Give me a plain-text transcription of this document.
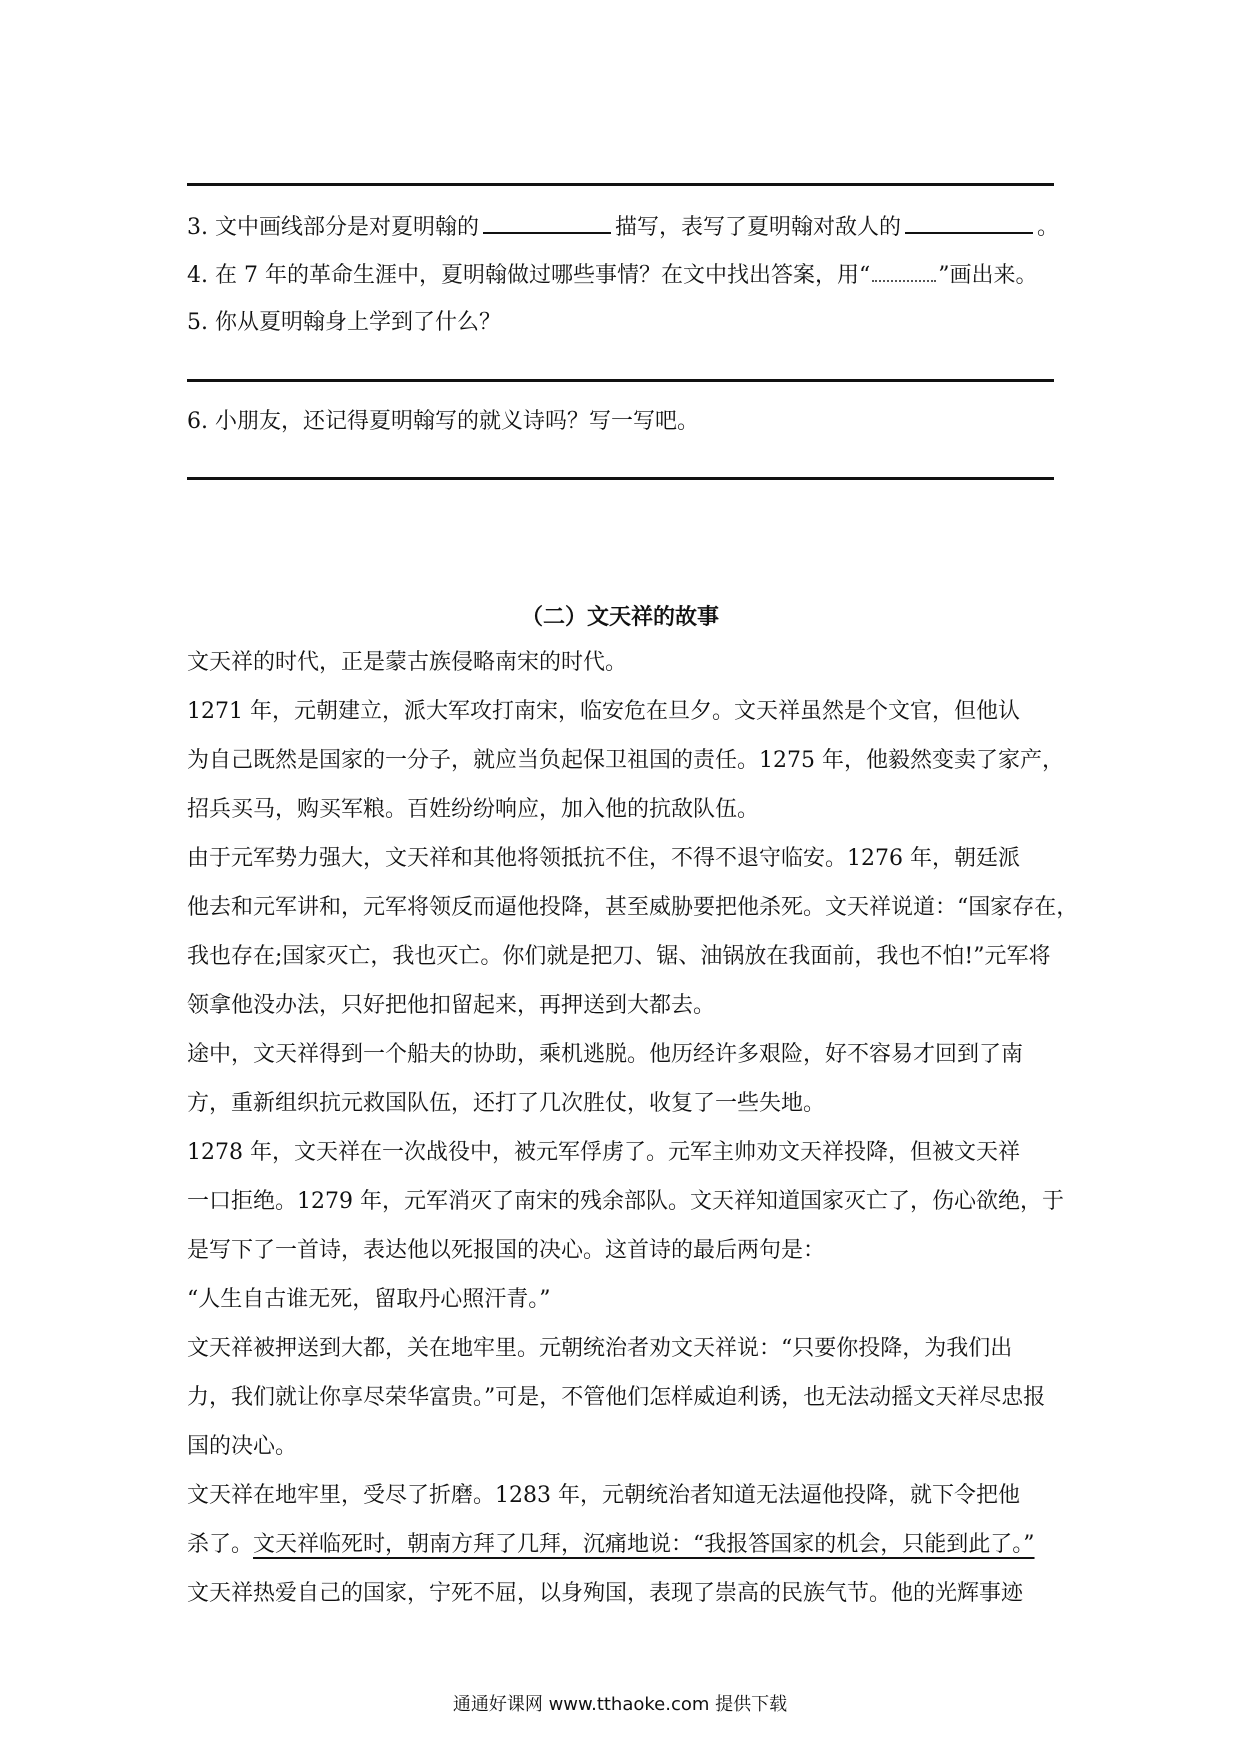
3. 文中画线部分是对夏明翰的	描写，表写了夏明翰对敌人的	。
4. 在 7 年的革命生涯中，夏明翰做过哪些事情？在文中找出答案，用“	”画出来。
5. 你从夏明翰身上学到了什么？
6. 小朋友，还记得夏明翰写的就义诗吗？写一写吧。
（二）文天祥的故事
文天祥的时代，正是蒙古族侵略南宋的时代。
1271 年，元朝建立，派大军攻打南宋，临安危在旦夕。文天祥虽然是个文官，但他认
为自己既然是国家的一分子，就应当负起保卫祖国的责任。1275 年，他毅然变卖了家产，
招兵买马，购买军粮。百姓纷纷响应，加入他的抗敌队伍。
由于元军势力强大，文天祥和其他将领抵抗不住，不得不退守临安。1276 年，朝廷派
他去和元军讲和，元军将领反而逼他投降，甚至威胁要把他杀死。文天祥说道：“国家存在，
我也存在;国家灭亡，我也灭亡。你们就是把刀、锯、油锅放在我面前，我也不怕!”元军将
领拿他没办法，只好把他扣留起来，再押送到大都去。
途中，文天祥得到一个船夫的协助，乘机逃脱。他历经许多艰险，好不容易才回到了南
方，重新组织抗元救国队伍，还打了几次胜仗，收复了一些失地。
1278 年，文天祥在一次战役中，被元军俘虏了。元军主帅劝文天祥投降，但被文天祥
一口拒绝。1279 年，元军消灭了南宋的残余部队。文天祥知道国家灭亡了，伤心欲绝，于
是写下了一首诗，表达他以死报国的决心。这首诗的最后两句是：
“人生自古谁无死，留取丹心照汗青。”
文天祥被押送到大都，关在地牢里。元朝统治者劝文天祥说：“只要你投降，为我们出
力，我们就让你享尽荣华富贵。”可是，不管他们怎样威迫利诱，也无法动摇文天祥尽忠报
国的决心。
文天祥在地牢里，受尽了折磨。1283 年，元朝统治者知道无法逼他投降，就下令把他
杀了。文天祥临死时，朝南方拜了几拜，沉痛地说：“我报答国家的机会，只能到此了。”
文天祥热爱自己的国家，宁死不屈，以身殉国，表现了崇高的民族气节。他的光辉事迹
通通好课网 www.tthaoke.com 提供下载
